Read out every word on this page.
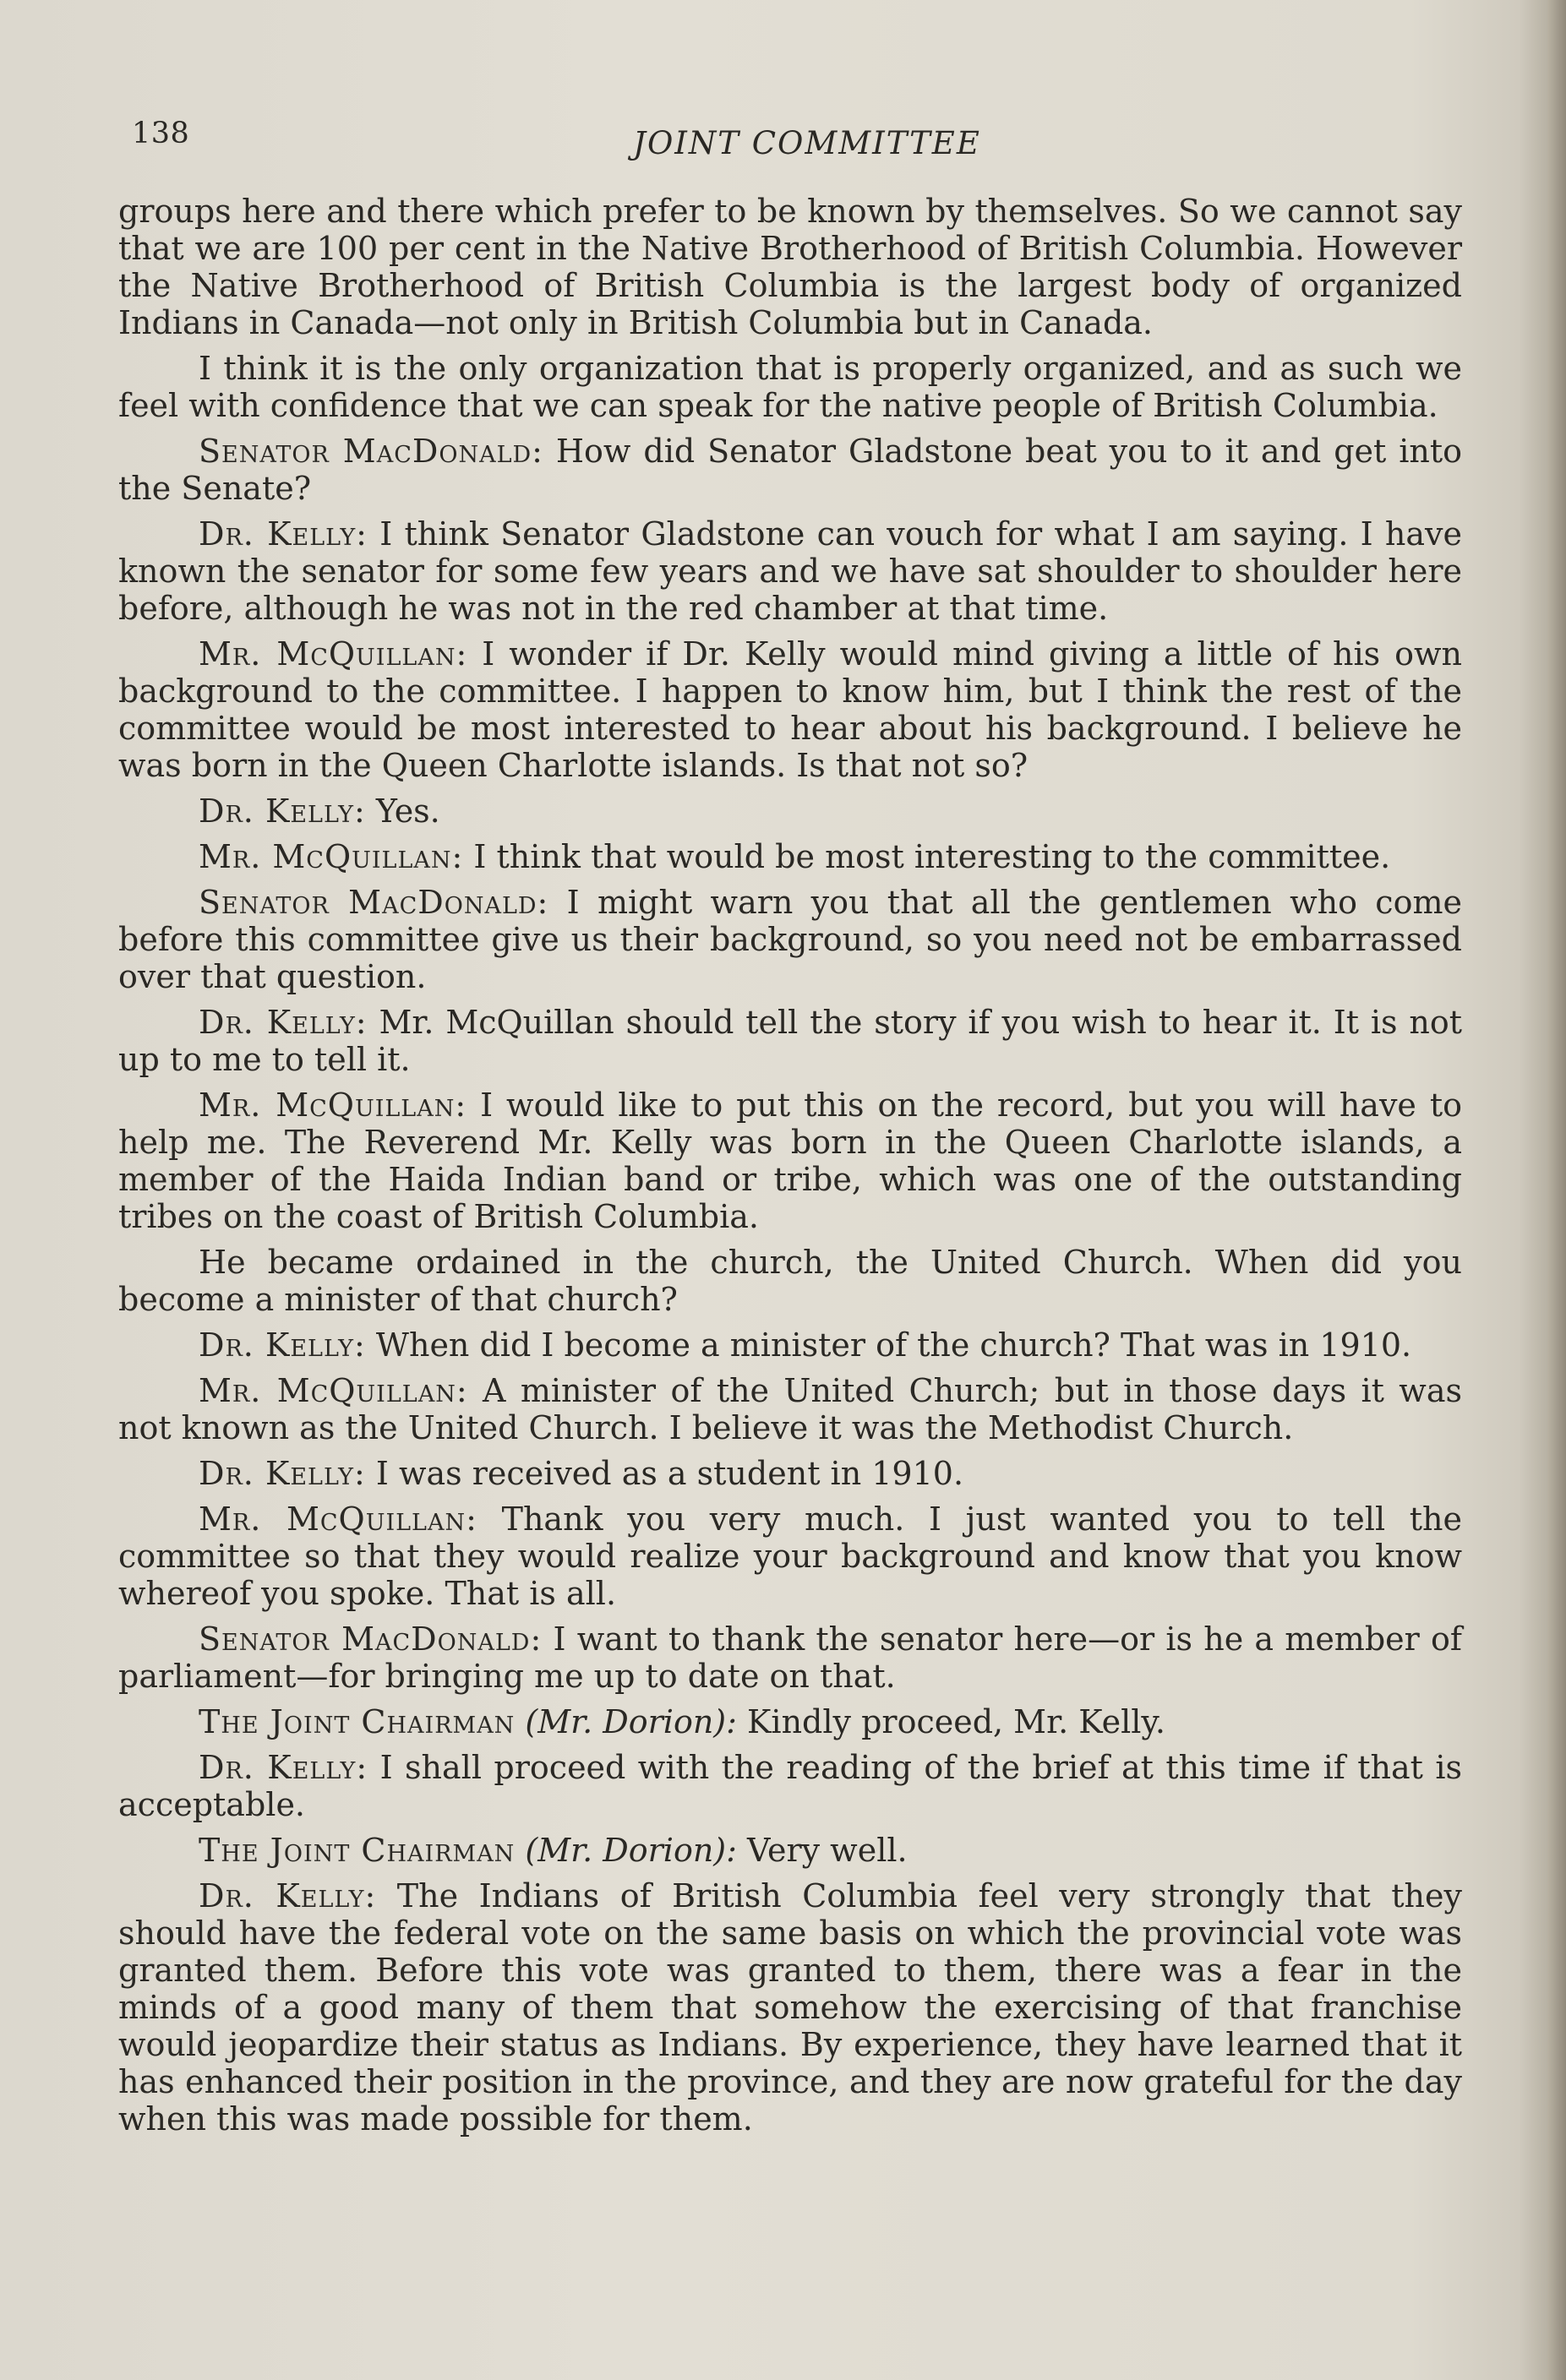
138	JOINT COMMITTEE

groups here and there which prefer to be known by themselves. So we cannot say that we are 100 per cent in the Native Brotherhood of British Columbia. However the Native Brotherhood of British Columbia is the largest body of organized Indians in Canada—not only in British Columbia but in Canada.

I think it is the only organization that is properly organized, and as such we feel with confidence that we can speak for the native people of British Columbia.

Senator MacDonald: How did Senator Gladstone beat you to it and get into the Senate?

Dr. Kelly: I think Senator Gladstone can vouch for what I am saying. I have known the senator for some few years and we have sat shoulder to shoulder here before, although he was not in the red chamber at that time.

Mr. McQuillan: I wonder if Dr. Kelly would mind giving a little of his own background to the committee. I happen to know him, but I think the rest of the committee would be most interested to hear about his background. I believe he was born in the Queen Charlotte islands. Is that not so?

Dr. Kelly: Yes.

Mr. McQuillan: I think that would be most interesting to the committee.

Senator MacDonald: I might warn you that all the gentlemen who come before this committee give us their background, so you need not be embarrassed over that question.

Dr. Kelly: Mr. McQuillan should tell the story if you wish to hear it. It is not up to me to tell it.

Mr. McQuillan: I would like to put this on the record, but you will have to help me. The Reverend Mr. Kelly was born in the Queen Charlotte islands, a member of the Haida Indian band or tribe, which was one of the outstanding tribes on the coast of British Columbia.

He became ordained in the church, the United Church. When did you become a minister of that church?

Dr. Kelly: When did I become a minister of the church? That was in 1910.

Mr. McQuillan: A minister of the United Church; but in those days it was not known as the United Church. I believe it was the Methodist Church.

Dr. Kelly: I was received as a student in 1910.

Mr. McQuillan: Thank you very much. I just wanted you to tell the committee so that they would realize your background and know that you know whereof you spoke. That is all.

Senator MacDonald: I want to thank the senator here—or is he a member of parliament—for bringing me up to date on that.

The Joint Chairman (Mr. Dorion): Kindly proceed, Mr. Kelly.

Dr. Kelly: I shall proceed with the reading of the brief at this time if that is acceptable.

The Joint Chairman (Mr. Dorion): Very well.

Dr. Kelly: The Indians of British Columbia feel very strongly that they should have the federal vote on the same basis on which the provincial vote was granted them. Before this vote was granted to them, there was a fear in the minds of a good many of them that somehow the exercising of that franchise would jeopardize their status as Indians. By experience, they have learned that it has enhanced their position in the province, and they are now grateful for the day when this was made possible for them.
